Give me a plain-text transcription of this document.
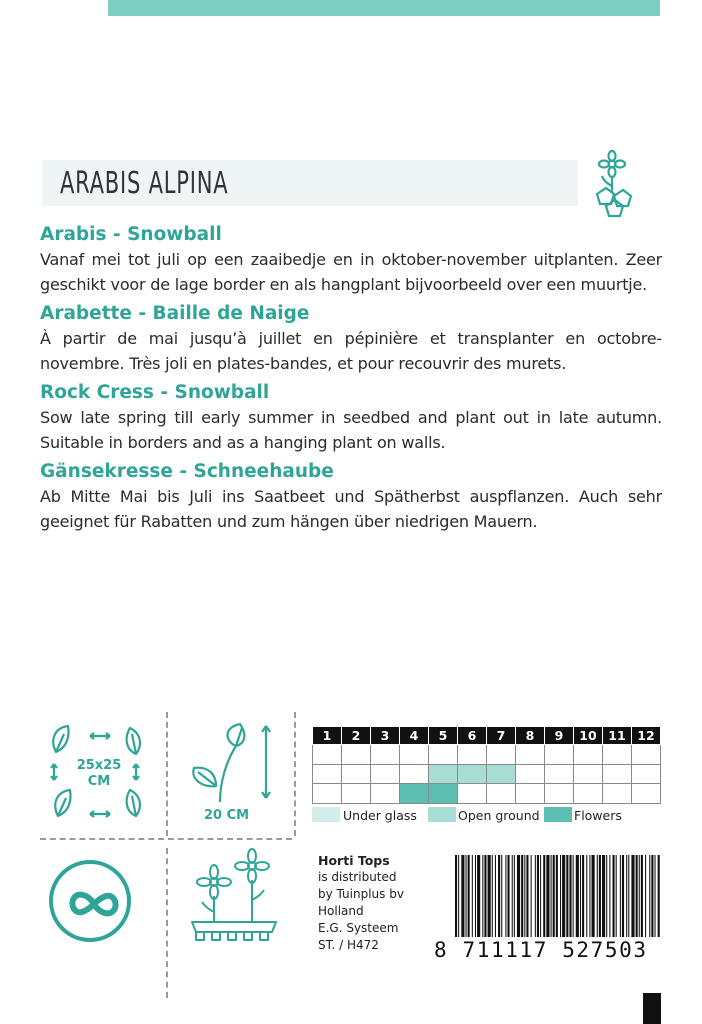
ARABIS ALPINA
Arabis - Snowball

Vanaf mei tot juli op een zaaibedje en in oktober-november uitplanten. Zeer geschikt voor de lage border en als hangplant bijvoorbeeld over een muurtje.

Arabette - Baille de Naige

À partir de mai jusqu’à juillet en pépinière et transplanter en octobre-novembre. Très joli en plates-bandes, et pour recouvrir des murets.

Rock Cress - Snowball

Sow late spring till early summer in seedbed and plant out in late autumn. Suitable in borders and as a hanging plant on walls.

Gänsekresse - Schneehaube

Ab Mitte Mai bis Juli ins Saatbeet und Spätherbst auspflanzen. Auch sehr geeignet für Rabatten und zum hängen über niedrigen Mauern.

25x25 CM
20 CM
1	2	3	4	5	6	7	8	9	10	11	12

Under glass	Open ground	Flowers
Horti Tops
is distributed
by Tuinplus bv
Holland
E.G. Systeem
ST. / H472	8 711117 527503
